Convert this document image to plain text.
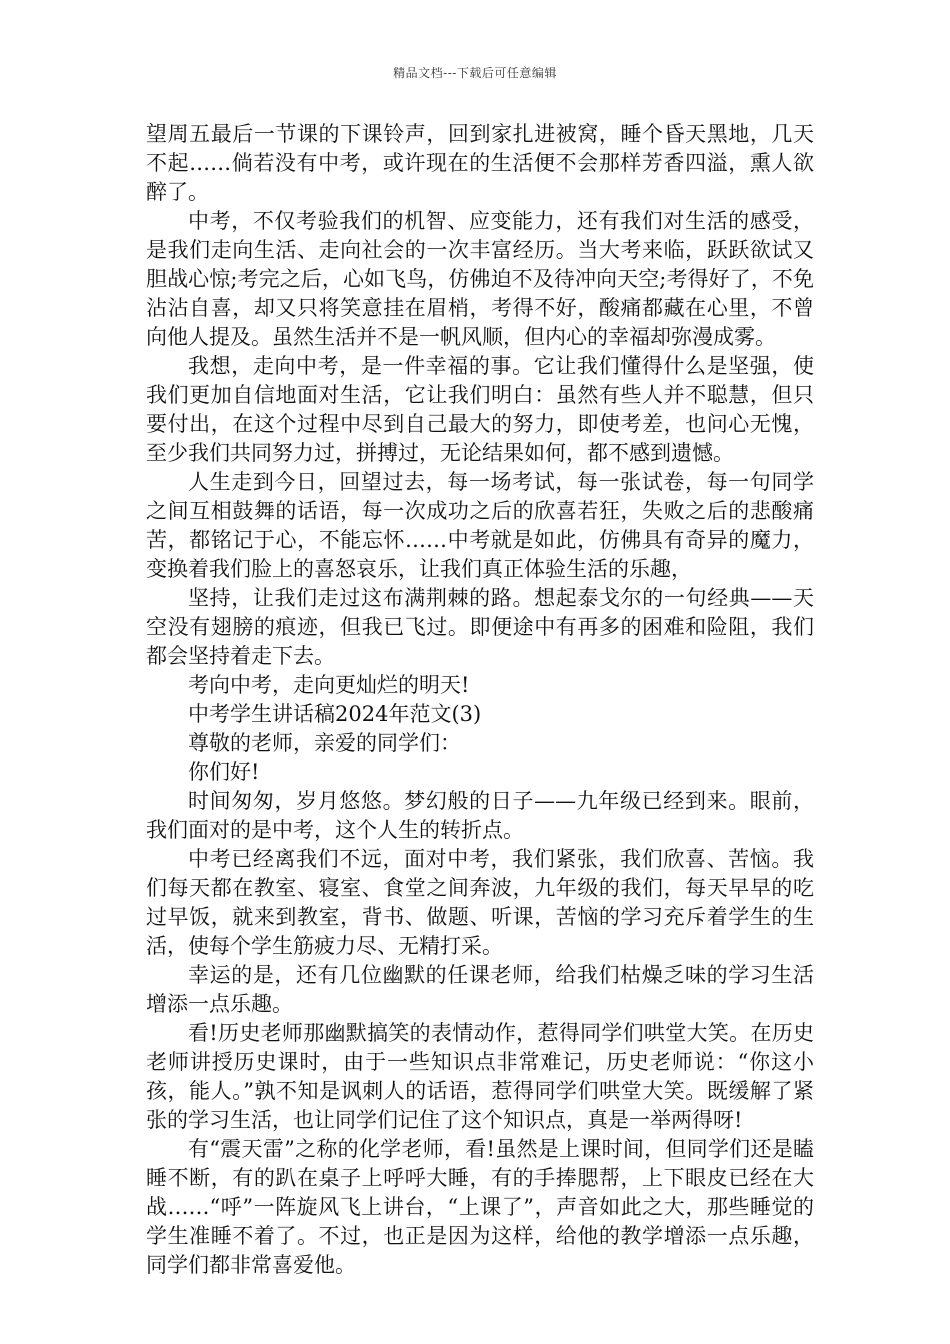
精品文档---下载后可任意编辑

望周五最后一节课的下课铃声，回到家扎进被窝，睡个昏天黑地，几天不起……倘若没有中考，或许现在的生活便不会那样芳香四溢，熏人欲醉了。

中考，不仅考验我们的机智、应变能力，还有我们对生活的感受，是我们走向生活、走向社会的一次丰富经历。当大考来临，跃跃欲试又胆战心惊;考完之后，心如飞鸟，仿佛迫不及待冲向天空;考得好了，不免沾沾自喜，却又只将笑意挂在眉梢，考得不好，酸痛都藏在心里，不曾向他人提及。虽然生活并不是一帆风顺，但内心的幸福却弥漫成雾。

我想，走向中考，是一件幸福的事。它让我们懂得什么是坚强，使我们更加自信地面对生活，它让我们明白：虽然有些人并不聪慧，但只要付出，在这个过程中尽到自己最大的努力，即使考差，也问心无愧，至少我们共同努力过，拼搏过，无论结果如何，都不感到遗憾。

人生走到今日，回望过去，每一场考试，每一张试卷，每一句同学之间互相鼓舞的话语，每一次成功之后的欣喜若狂，失败之后的悲酸痛苦，都铭记于心，不能忘怀……中考就是如此，仿佛具有奇异的魔力，变换着我们脸上的喜怒哀乐，让我们真正体验生活的乐趣，

坚持，让我们走过这布满荆棘的路。想起泰戈尔的一句经典——天空没有翅膀的痕迹，但我已飞过。即便途中有再多的困难和险阻，我们都会坚持着走下去。

考向中考，走向更灿烂的明天!

中考学生讲话稿2024年范文(3)

尊敬的老师，亲爱的同学们：

你们好!

时间匆匆，岁月悠悠。梦幻般的日子——九年级已经到来。眼前，我们面对的是中考，这个人生的转折点。

中考已经离我们不远，面对中考，我们紧张，我们欣喜、苦恼。我们每天都在教室、寝室、食堂之间奔波，九年级的我们，每天早早的吃过早饭，就来到教室，背书、做题、听课，苦恼的学习充斥着学生的生活，使每个学生筋疲力尽、无精打采。

幸运的是，还有几位幽默的任课老师，给我们枯燥乏味的学习生活增添一点乐趣。

看!历史老师那幽默搞笑的表情动作，惹得同学们哄堂大笑。在历史老师讲授历史课时，由于一些知识点非常难记，历史老师说：“你这小孩，能人。”孰不知是讽刺人的话语，惹得同学们哄堂大笑。既缓解了紧张的学习生活，也让同学们记住了这个知识点，真是一举两得呀!

有“震天雷”之称的化学老师，看!虽然是上课时间，但同学们还是瞌睡不断，有的趴在桌子上呼呼大睡，有的手捧腮帮，上下眼皮已经在大战……“呼”一阵旋风飞上讲台，“上课了”，声音如此之大，那些睡觉的学生准睡不着了。不过，也正是因为这样，给他的教学增添一点乐趣，同学们都非常喜爱他。
